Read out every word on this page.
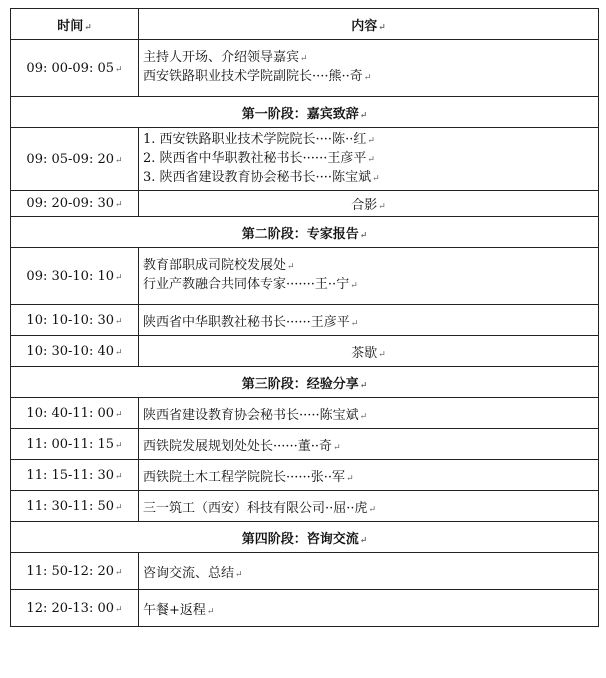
时间↵	内容↵
09: 00-09: 05↵	主持人开场、介绍领导嘉宾↵
西安铁路职业技术学院副院长····熊··奇↵

第一阶段：嘉宾致辞↵	
09: 05-09: 20↵	1. 西安铁路职业技术学院院长····陈··红↵
2. 陕西省中华职教社秘书长······王彦平↵
3. 陕西省建设教育协会秘书长····陈宝斌↵

09: 20-09: 30↵	合影↵
第二阶段：专家报告↵	
09: 30-10: 10↵	教育部职成司院校发展处↵
行业产教融合共同体专家·······王··宁↵

10: 10-10: 30↵	陕西省中华职教社秘书长······王彦平↵
10: 30-10: 40↵	茶歇↵
第三阶段：经验分享↵	
10: 40-11: 00↵	陕西省建设教育协会秘书长·····陈宝斌↵
11: 00-11: 15↵	西铁院发展规划处处长······董··奇↵
11: 15-11: 30↵	西铁院土木工程学院院长······张··军↵
11: 30-11: 50↵	三一筑工（西安）科技有限公司··屈··虎↵
第四阶段：咨询交流↵	
11: 50-12: 20↵	咨询交流、总结↵
12: 20-13: 00↵	午餐+返程↵
